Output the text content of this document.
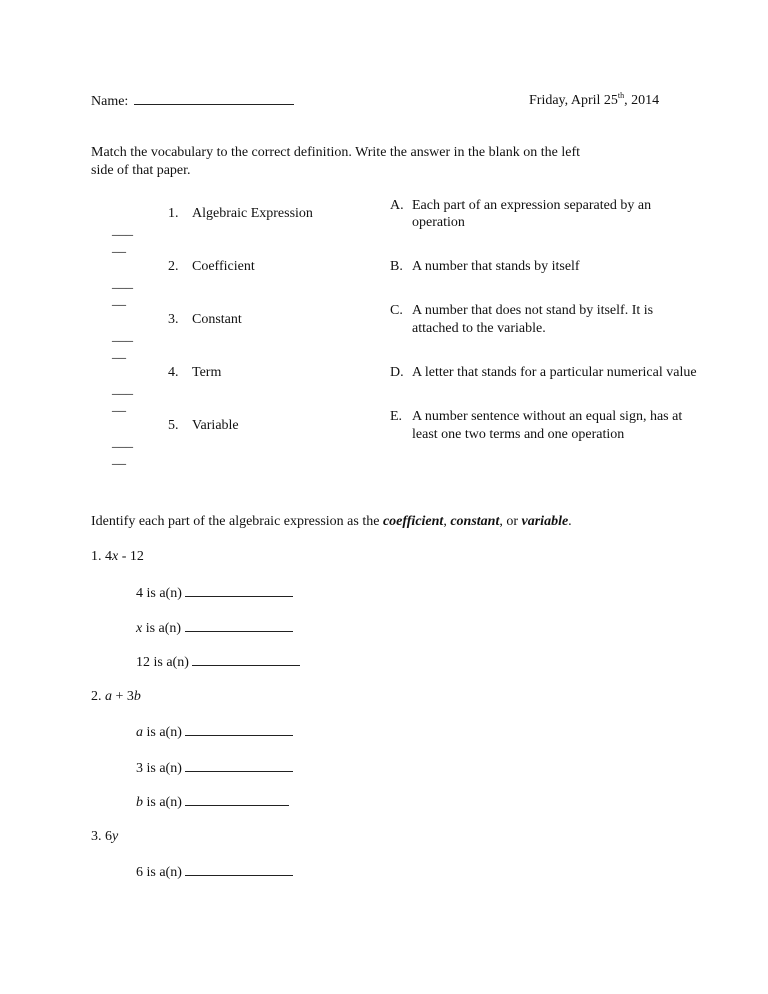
Name:	Friday, April 25th, 2014
Match the vocabulary to the correct definition. Write the answer in the blank on the left
side of that paper.
___
__
___
__
___
__
___
__
___
__
1. Algebraic Expression
2. Coefficient
3. Constant
4. Term
5. Variable
A. Each part of an expression separated by an
operation
B. A number that stands by itself
C. A number that does not stand by itself. It is
attached to the variable.
D. A letter that stands for a particular numerical value
E. A number sentence without an equal sign, has at
least one two terms and one operation
Identify each part of the algebraic expression as the coefficient, constant, or variable.
1. 4x - 12
4 is a(n)
x is a(n)
12 is a(n)
2. a + 3b
a is a(n)
3 is a(n)
b is a(n)
3. 6y
6 is a(n)
